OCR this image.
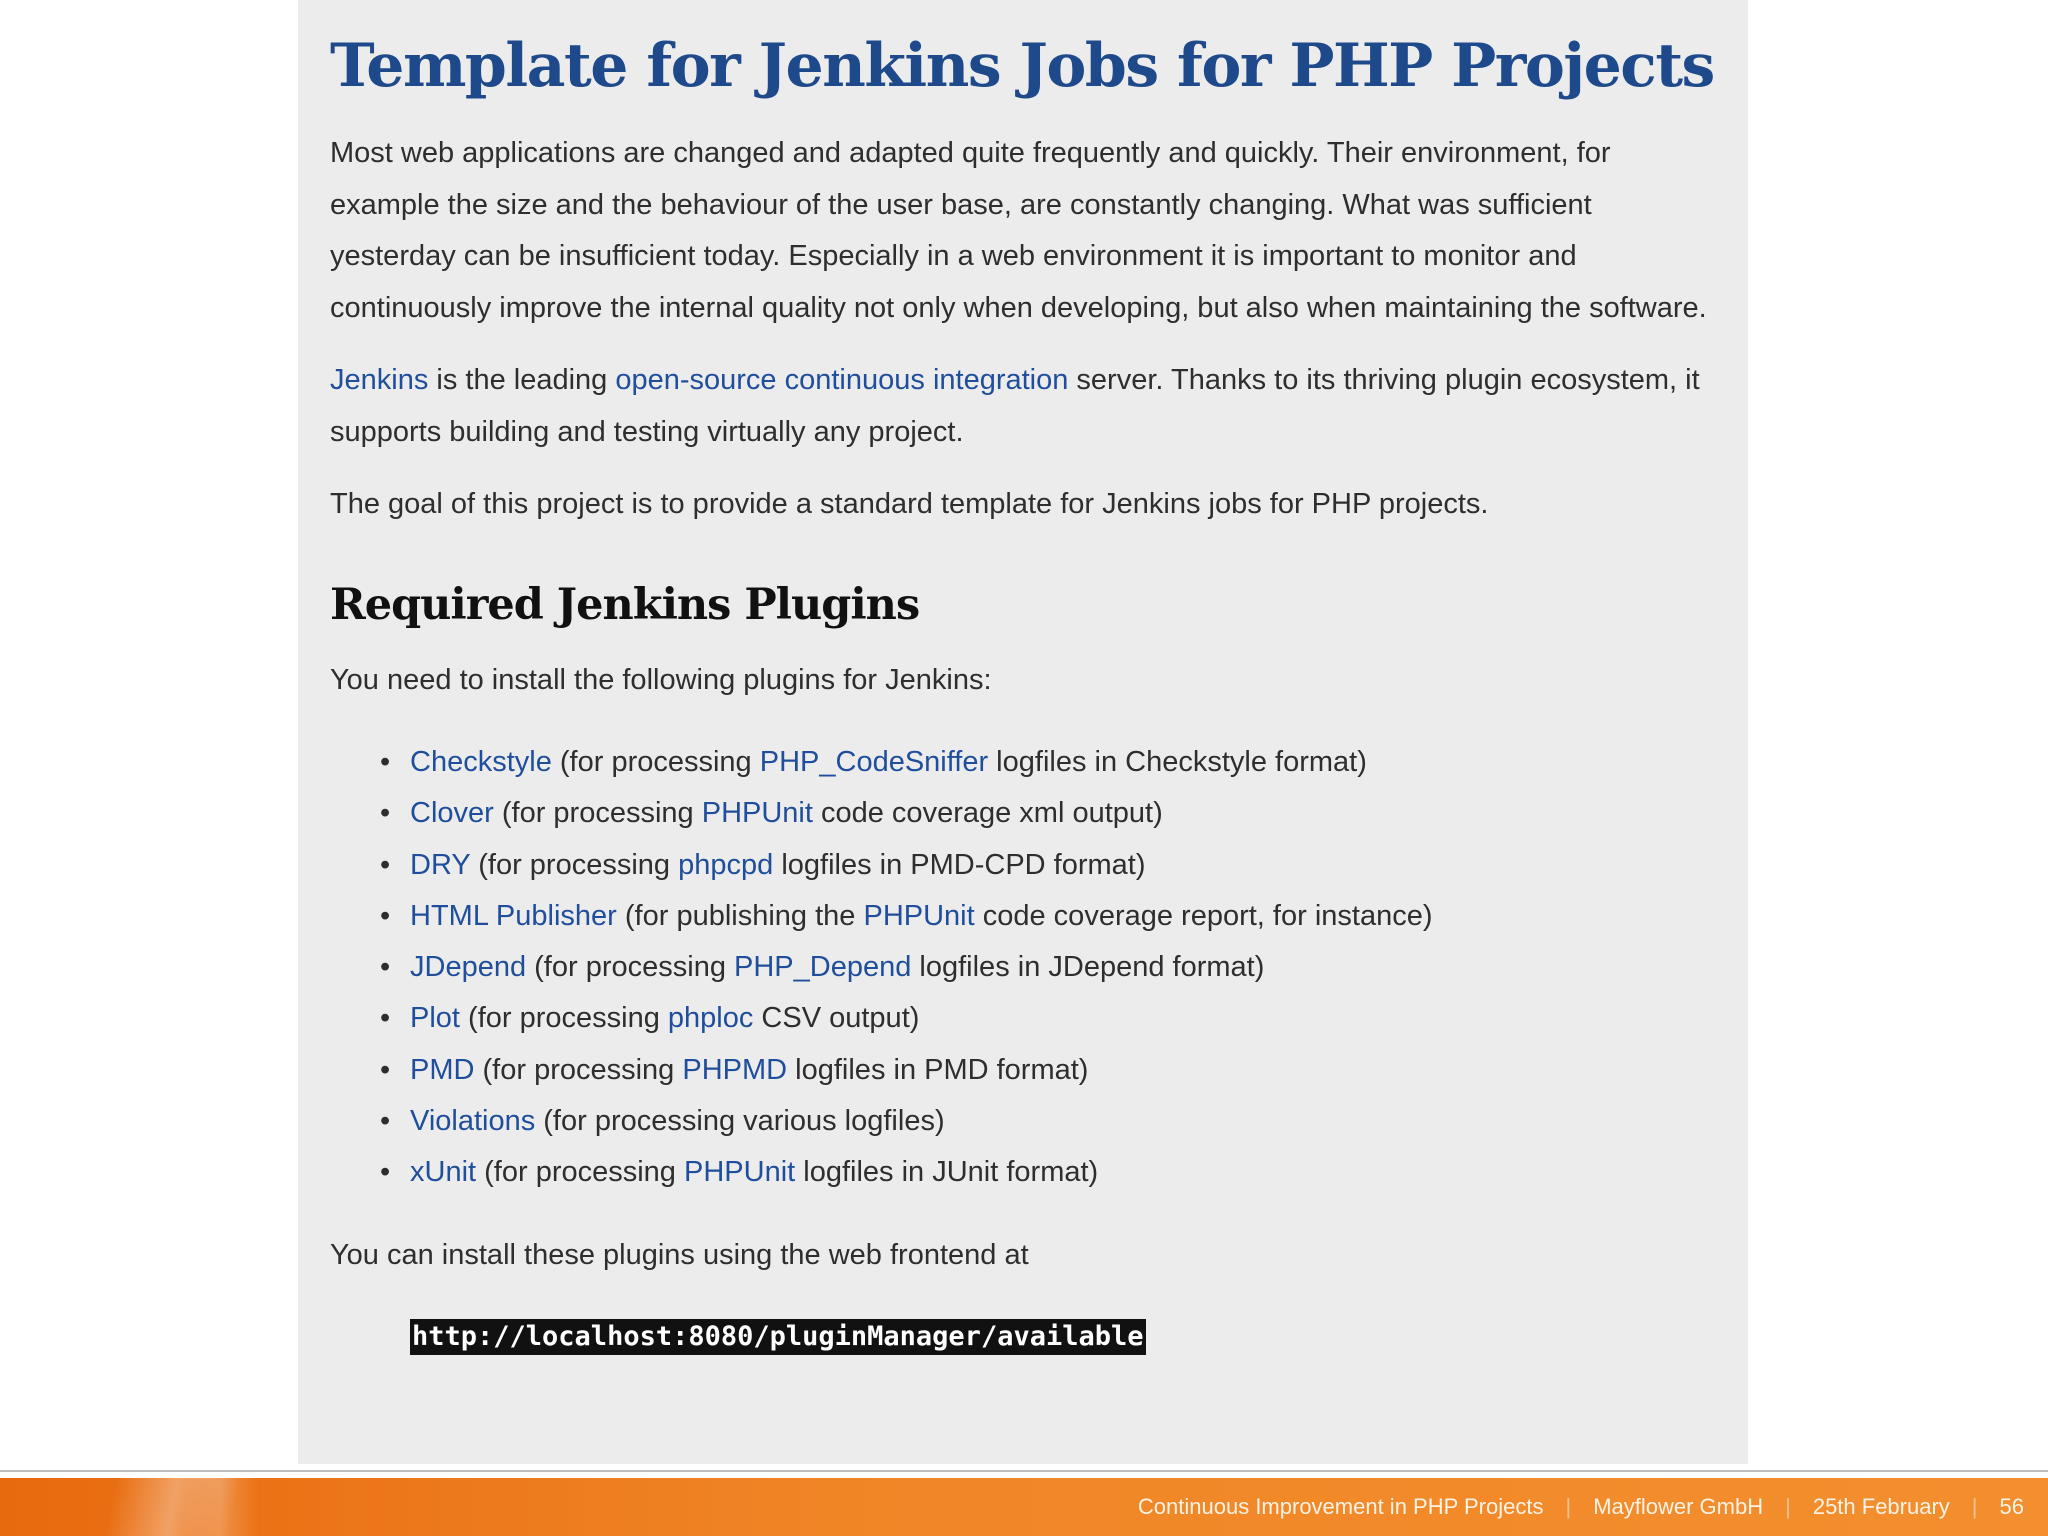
Template for Jenkins Jobs for PHP Projects

Most web applications are changed and adapted quite frequently and quickly. Their environment, for example the size and the behaviour of the user base, are constantly changing. What was sufficient yesterday can be insufficient today. Especially in a web environment it is important to monitor and continuously improve the internal quality not only when developing, but also when maintaining the software.

Jenkins is the leading open-source continuous integration server. Thanks to its thriving plugin ecosystem, it supports building and testing virtually any project.

The goal of this project is to provide a standard template for Jenkins jobs for PHP projects.

Required Jenkins Plugins

You need to install the following plugins for Jenkins:

• Checkstyle (for processing PHP_CodeSniffer logfiles in Checkstyle format)
• Clover (for processing PHPUnit code coverage xml output)
• DRY (for processing phpcpd logfiles in PMD-CPD format)
• HTML Publisher (for publishing the PHPUnit code coverage report, for instance)
• JDepend (for processing PHP_Depend logfiles in JDepend format)
• Plot (for processing phploc CSV output)
• PMD (for processing PHPMD logfiles in PMD format)
• Violations (for processing various logfiles)
• xUnit (for processing PHPUnit logfiles in JUnit format)

You can install these plugins using the web frontend at

http://localhost:8080/pluginManager/available
Continuous Improvement in PHP Projects | Mayflower GmbH | 25th February | 56
